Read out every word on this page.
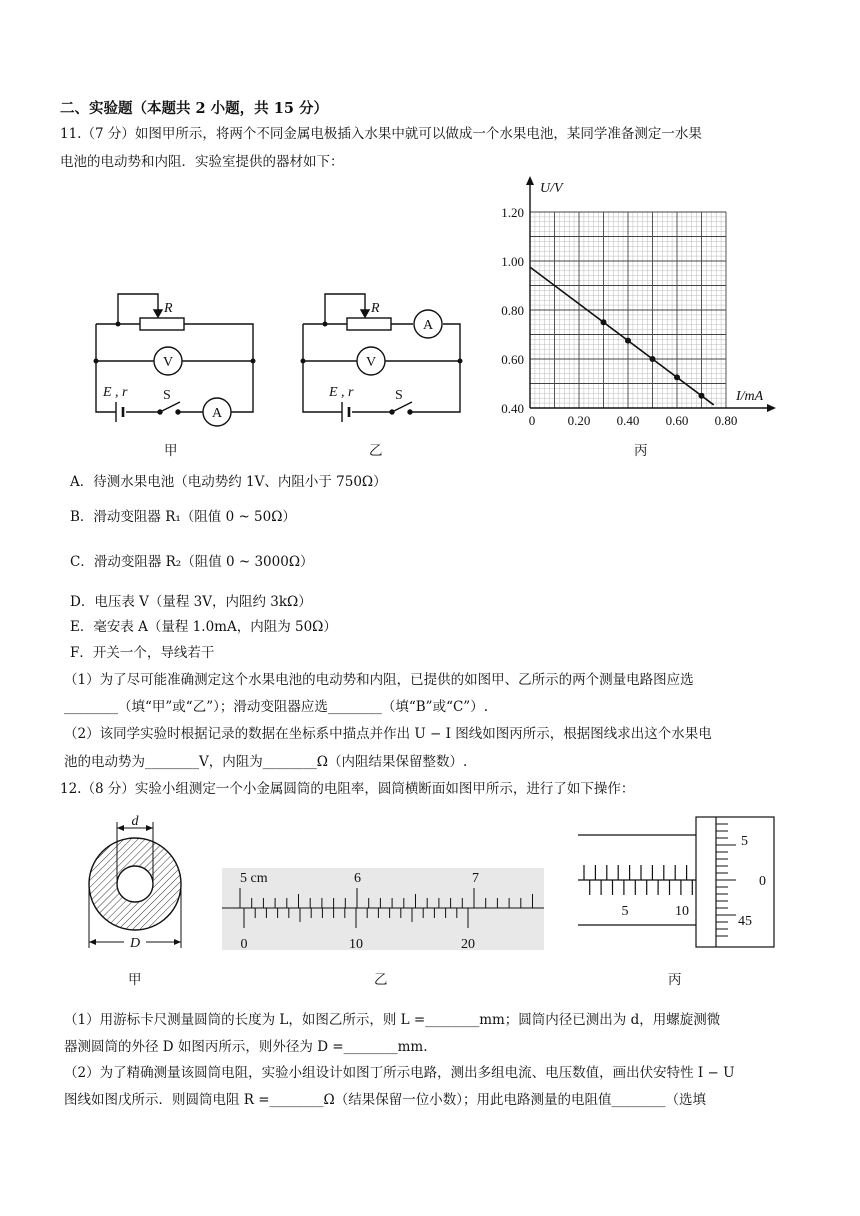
二、实验题（本题共 2 小题，共 15 分）
11.（7 分）如图甲所示，将两个不同金属电极插入水果中就可以做成一个水果电池，某同学准备测定一水果
电池的电动势和内阻．实验室提供的器材如下：
R
V
E , r	S
A
甲
R
A
V
E , r	S
乙
0 0.20 0.40 0.60 0.80
0.40
0.60
0.80
1.00
1.20
U/V
I/mA
丙
A．待测水果电池（电动势约 1V、内阻小于 750Ω）
B．滑动变阻器 R₁（阻值 0 ~ 50Ω）
C．滑动变阻器 R₂（阻值 0 ~ 3000Ω）
D．电压表 V（量程 3V，内阻约 3kΩ）
E．毫安表 A（量程 1.0mA，内阻为 50Ω）
F．开关一个，导线若干
（1）为了尽可能准确测定这个水果电池的电动势和内阻，已提供的如图甲、乙所示的两个测量电路图应选
________（填“甲”或“乙”）；滑动变阻器应选________（填“B”或“C”）.
（2）该同学实验时根据记录的数据在坐标系中描点并作出 U − I 图线如图丙所示，根据图线求出这个水果电
池的电动势为________V，内阻为________Ω（内阻结果保留整数）.
12.（8 分）实验小组测定一个小金属圆筒的电阻率，圆筒横断面如图甲所示，进行了如下操作：
d
D
甲
5 cm	6	7
0	10	20
乙
5	10
5
0
45
丙
（1）用游标卡尺测量圆筒的长度为 L，如图乙所示，则 L =________mm；圆筒内径已测出为 d，用螺旋测微
器测圆筒的外径 D 如图丙所示，则外径为 D =________mm.
（2）为了精确测量该圆筒电阻，实验小组设计如图丁所示电路，测出多组电流、电压数值，画出伏安特性 I − U
图线如图戊所示．则圆筒电阻 R =________Ω（结果保留一位小数）；用此电路测量的电阻值________（选填
